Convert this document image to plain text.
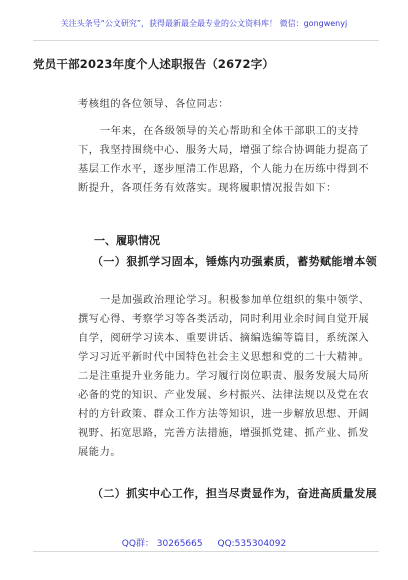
关注头条号“公文研究”，获得最新最全最专业的公文资料库！ 微信：gongwenyj
党员干部2023年度个人述职报告（2672字）
考核组的各位领导、各位同志：
一年来，在各级领导的关心帮助和全体干部职工的支持下，我坚持围绕中心、服务大局，增强了综合协调能力提高了基层工作水平，逐步厘清工作思路，个人能力在历练中得到不断提升，各项任务有效落实。现将履职情况报告如下：
一、履职情况
（一）狠抓学习固本，锤炼内功强素质，蓄势赋能增本领
一是加强政治理论学习。积极参加单位组织的集中领学、撰写心得、考察学习等各类活动，同时利用业余时间自觉开展自学，阅研学习读本、重要讲话、摘编选编等篇目，系统深入学习习近平新时代中国特色社会主义思想和党的二十大精神。二是注重提升业务能力。学习履行岗位职责、服务发展大局所必备的党的知识、产业发展、乡村振兴、法律法规以及党在农村的方针政策、群众工作方法等知识，进一步解放思想、开阔视野、拓宽思路，完善方法措施，增强抓党建、抓产业、抓发展能力。
（二）抓实中心工作，担当尽责显作为，奋进高质量发展
QQ群： 30265665 QQ:535304092
